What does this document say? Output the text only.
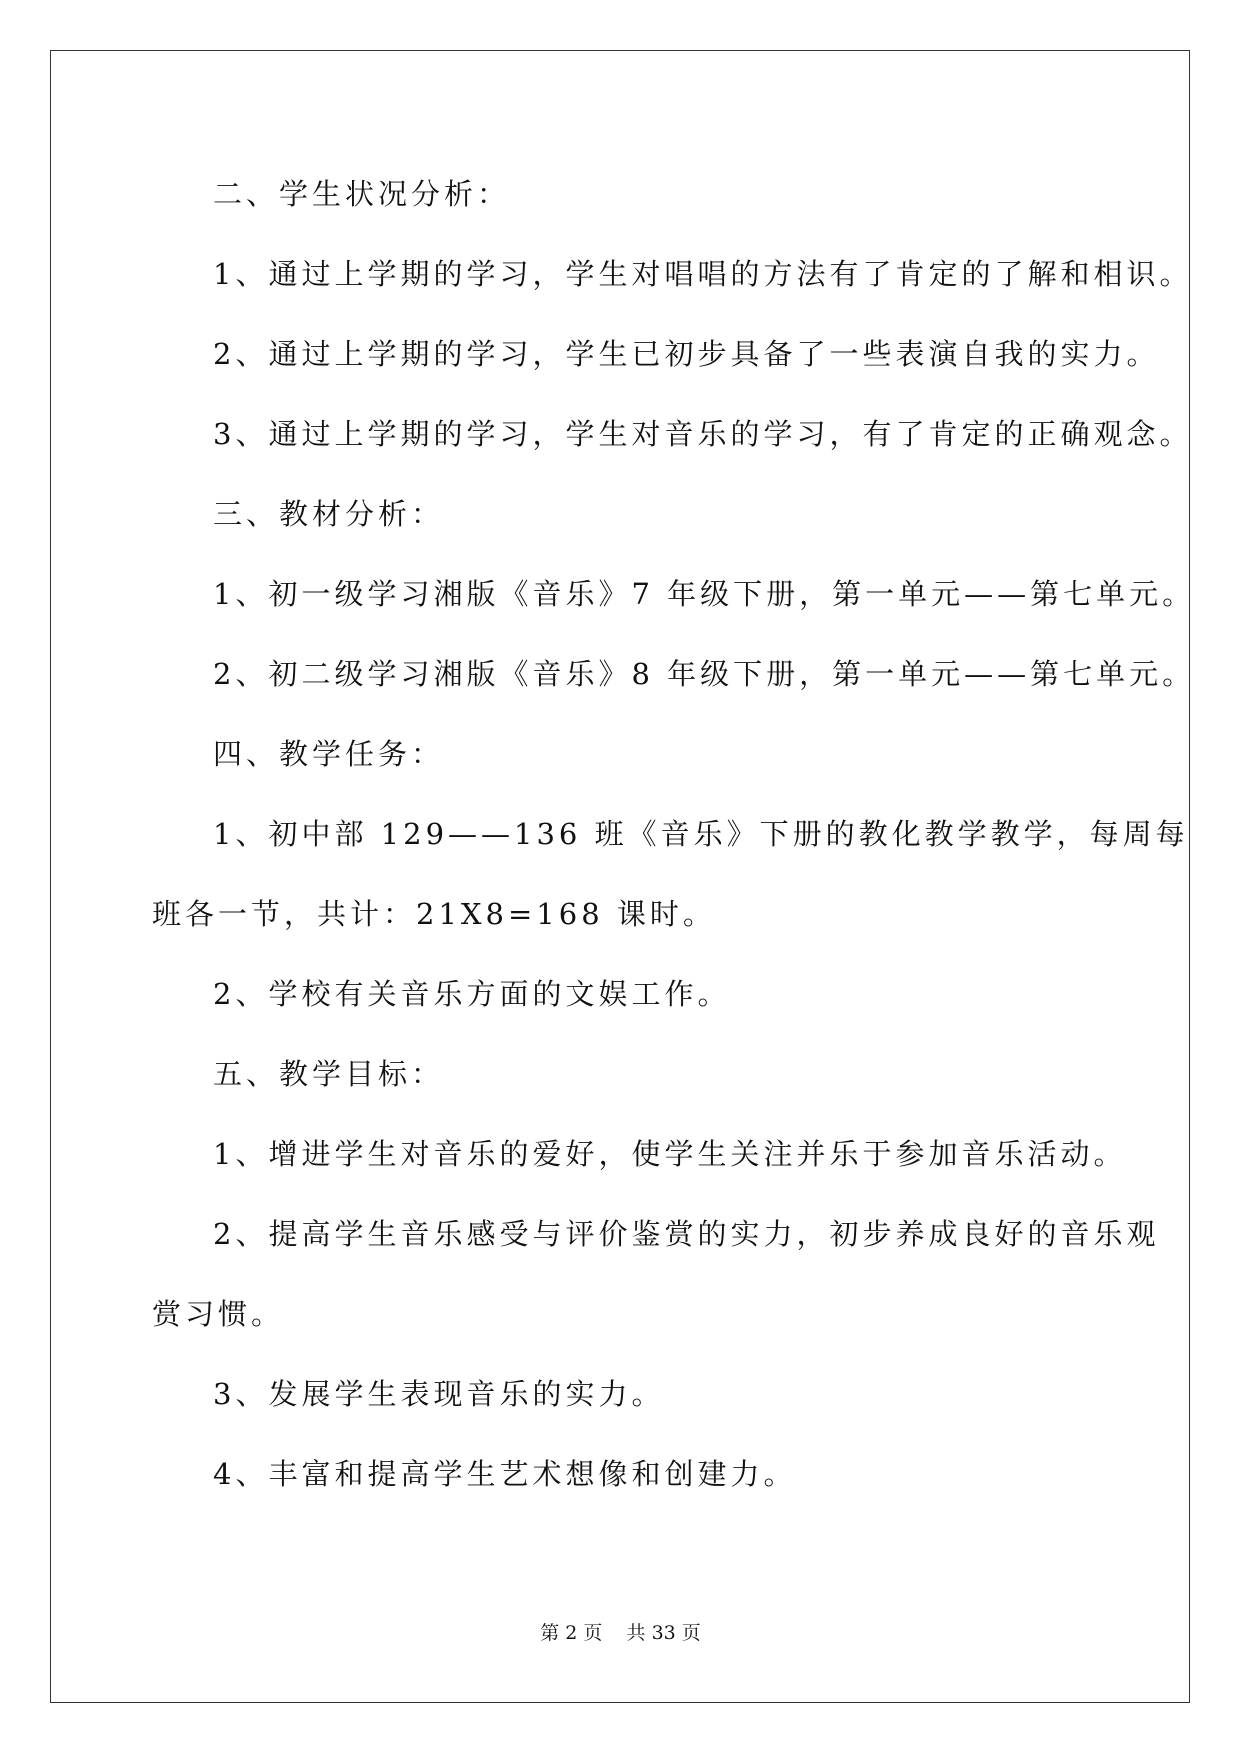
二、学生状况分析：
1、通过上学期的学习，学生对唱唱的方法有了肯定的了解和相识。
2、通过上学期的学习，学生已初步具备了一些表演自我的实力。
3、通过上学期的学习，学生对音乐的学习，有了肯定的正确观念。
三、教材分析：
1、初一级学习湘版《音乐》7 年级下册，第一单元——第七单元。
2、初二级学习湘版《音乐》8 年级下册，第一单元——第七单元。
四、教学任务：
1、初中部 129——136 班《音乐》下册的教化教学教学，每周每
班各一节，共计：21X8=168 课时。
2、学校有关音乐方面的文娱工作。
五、教学目标：
1、增进学生对音乐的爱好，使学生关注并乐于参加音乐活动。
2、提高学生音乐感受与评价鉴赏的实力，初步养成良好的音乐观
赏习惯。
3、发展学生表现音乐的实力。
4、丰富和提高学生艺术想像和创建力。
第 2 页 共 33 页
